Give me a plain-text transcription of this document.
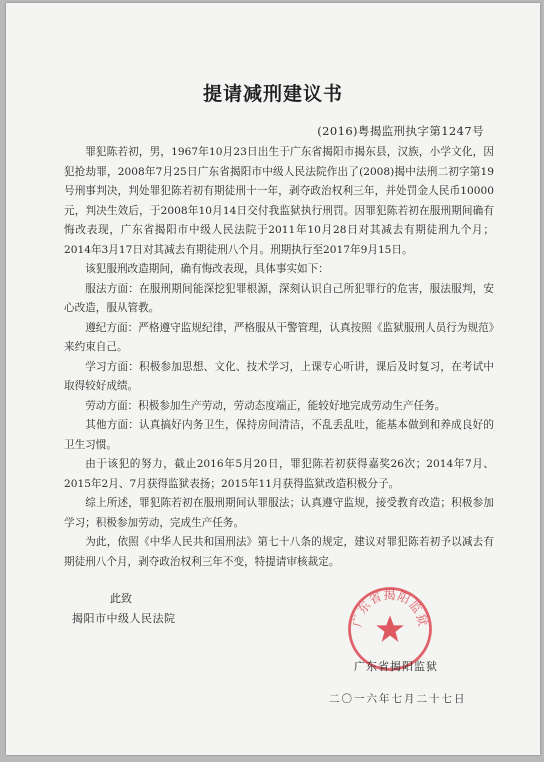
提请减刑建议书
(2016)粤揭监刑执字第1247号

罪犯陈若初，男，1967年10月23日出生于广东省揭阳市揭东县，汉族，小学文化，因犯抢劫罪，2008年7月25日广东省揭阳市中级人民法院作出了(2008)揭中法刑二初字第19号刑事判决，判处罪犯陈若初有期徒刑十一年，剥夺政治权利三年，并处罚金人民币10000元，判决生效后，于2008年10月14日交付我监狱执行刑罚。因罪犯陈若初在服刑期间确有悔改表现，广东省揭阳市中级人民法院于2011年10月28日对其减去有期徒刑九个月；2014年3月17日对其减去有期徒刑八个月。刑期执行至2017年9月15日。

该犯服刑改造期间，确有悔改表现，具体事实如下：

服法方面：在服刑期间能深挖犯罪根源，深刻认识自己所犯罪行的危害，服法服判，安心改造，服从管教。

遵纪方面：严格遵守监规纪律，严格服从干警管理，认真按照《监狱服刑人员行为规范》来约束自己。

学习方面：积极参加思想、文化、技术学习，上课专心听讲，课后及时复习，在考试中取得较好成绩。

劳动方面：积极参加生产劳动，劳动态度端正，能较好地完成劳动生产任务。

其他方面：认真搞好内务卫生，保持房间清洁，不乱丢乱吐，能基本做到和养成良好的卫生习惯。

由于该犯的努力，截止2016年5月20日，罪犯陈若初获得嘉奖26次；2014年7月、2015年2月、7月获得监狱表扬；2015年11月获得监狱改造积极分子。

综上所述，罪犯陈若初在服刑期间认罪服法；认真遵守监规，接受教育改造；积极参加学习；积极参加劳动，完成生产任务。

为此，依照《中华人民共和国刑法》第七十八条的规定，建议对罪犯陈若初予以减去有期徒刑八个月，剥夺政治权利三年不变，特提请审核裁定。

此致
揭阳市中级人民法院	广东省揭阳监狱
广东省揭阳监狱
二〇一六年七月二十七日
